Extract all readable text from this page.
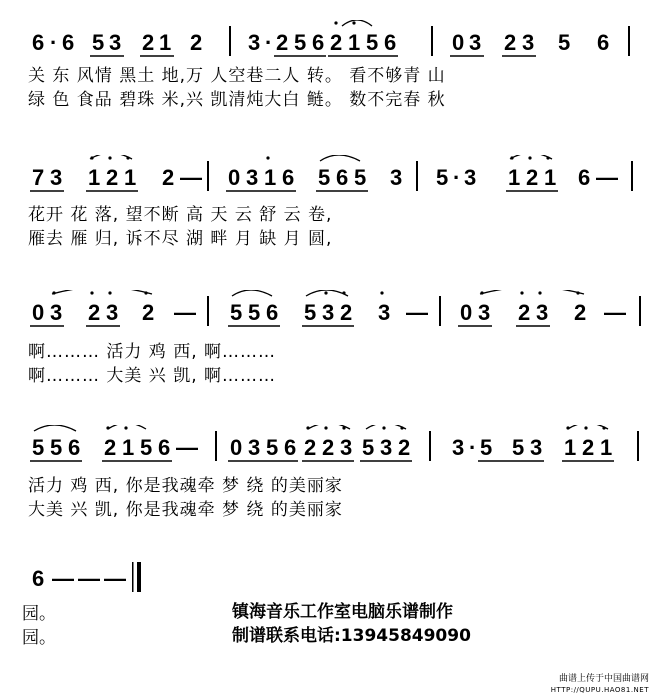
6 · 6 5 3 2 1 2 3 · 2 5 6 2 1 5 6	0 3 2 3 5 6
关 东 风情 黑土 地,万 人空巷二人 转。 看不够青 山
绿 色 食品 碧珠 米,兴 凯清炖大白 鲢。 数不完春 秋
7 3 1 2 1 2 — 0 3 1 6 5 6 5 3 5 · 3 1 2 1 6 —
花开 花 落, 望不断 高 天 云 舒 云 卷,
雁去 雁 归, 诉不尽 湖 畔 月 缺 月 圆,
0 3 2 3 2 — 5 5 6 5 3 2 3 — 0 3 2 3 2 —
啊……… 活力 鸡 西, 啊………
啊……… 大美 兴 凯, 啊………
5 5 6 2 1 5 6 — 0 3 5 6 2 2 3 5 3 2 3 · 5 5 3 1 2 1
活力 鸡 西, 你是我魂牵 梦 绕 的美丽家
大美 兴 凯, 你是我魂牵 梦 绕 的美丽家
6 — — —
园。
园。
镇海音乐工作室电脑乐谱制作
制谱联系电话:13945849090
曲谱上传于中国曲谱网
HTTP://QUPU.HAO81.NET
